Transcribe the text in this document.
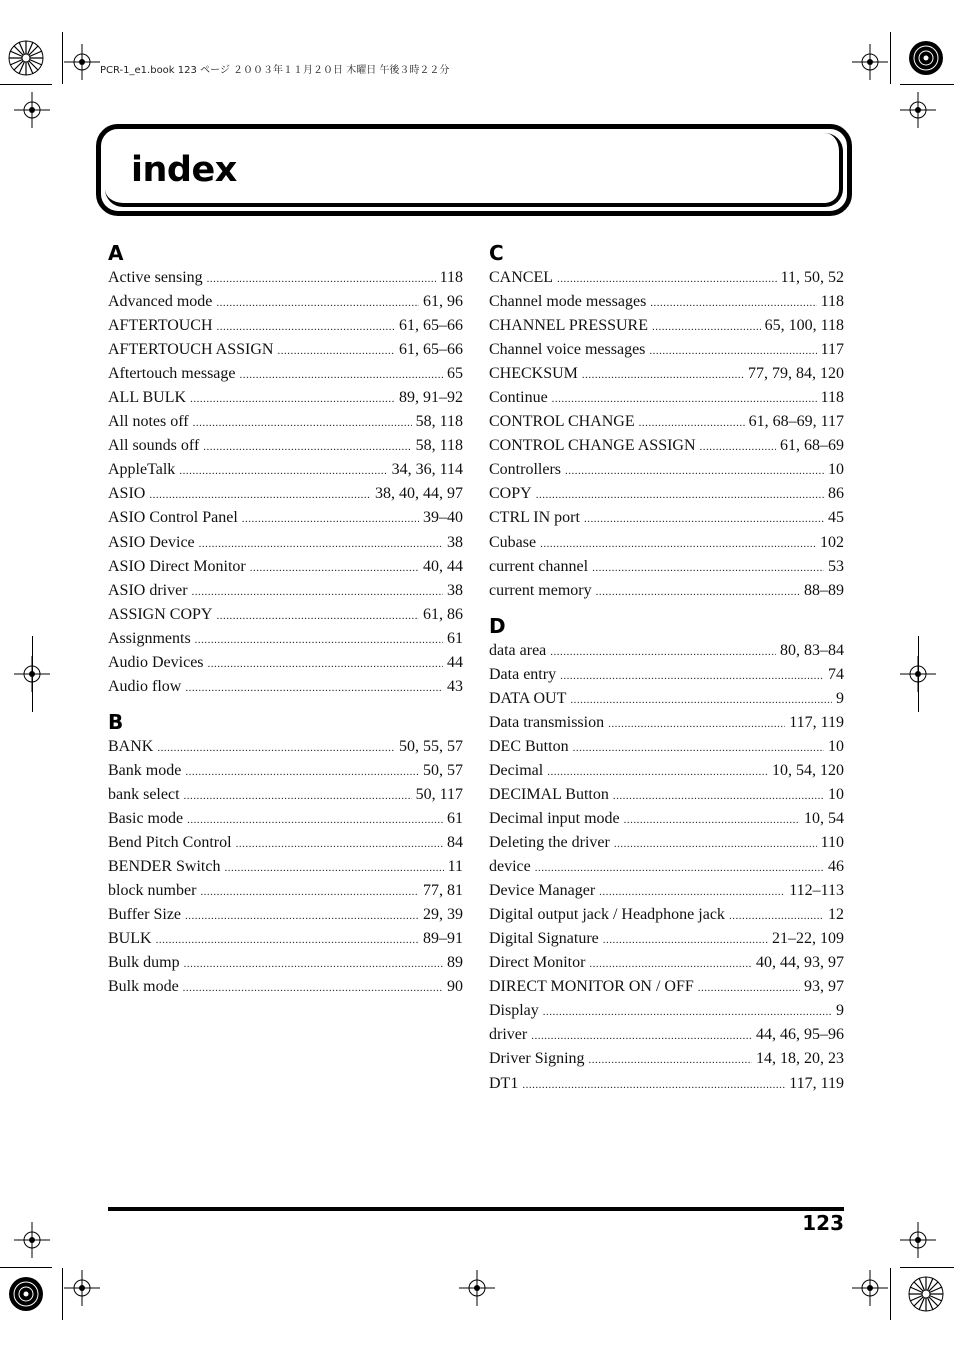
PCR-1_e1.book 123 ページ ２００３年１１月２０日 木曜日 午後３時２２分
index
A
Active sensing .....	118
Advanced mode .....	61, 96
AFTERTOUCH .....	61, 65–66
AFTERTOUCH ASSIGN .....	61, 65–66
Aftertouch message .....	65
ALL BULK .....	89, 91–92
All notes off .....	58, 118
All sounds off .....	58, 118
AppleTalk .....	34, 36, 114
ASIO .....	38, 40, 44, 97
ASIO Control Panel .....	39–40
ASIO Device .....	38
ASIO Direct Monitor .....	40, 44
ASIO driver .....	38
ASSIGN COPY .....	61, 86
Assignments .....	61
Audio Devices .....	44
Audio flow .....	43
B
BANK .....	50, 55, 57
Bank mode .....	50, 57
bank select .....	50, 117
Basic mode .....	61
Bend Pitch Control .....	84
BENDER Switch .....	11
block number .....	77, 81
Buffer Size .....	29, 39
BULK .....	89–91
Bulk dump .....	89
Bulk mode .....	90
C
CANCEL .....	11, 50, 52
Channel mode messages .....	118
CHANNEL PRESSURE .....	65, 100, 118
Channel voice messages .....	117
CHECKSUM .....	77, 79, 84, 120
Continue .....	118
CONTROL CHANGE .....	61, 68–69, 117
CONTROL CHANGE ASSIGN .....	61, 68–69
Controllers .....	10
COPY .....	86
CTRL IN port .....	45
Cubase .....	102
current channel .....	53
current memory .....	88–89
D
data area .....	80, 83–84
Data entry .....	74
DATA OUT .....	9
Data transmission .....	117, 119
DEC Button .....	10
Decimal .....	10, 54, 120
DECIMAL Button .....	10
Decimal input mode .....	10, 54
Deleting the driver .....	110
device .....	46
Device Manager .....	112–113
Digital output jack / Headphone jack .....	12
Digital Signature .....	21–22, 109
Direct Monitor .....	40, 44, 93, 97
DIRECT MONITOR ON / OFF .....	93, 97
Display .....	9
driver .....	44, 46, 95–96
Driver Signing .....	14, 18, 20, 23
DT1 .....	117, 119
123
